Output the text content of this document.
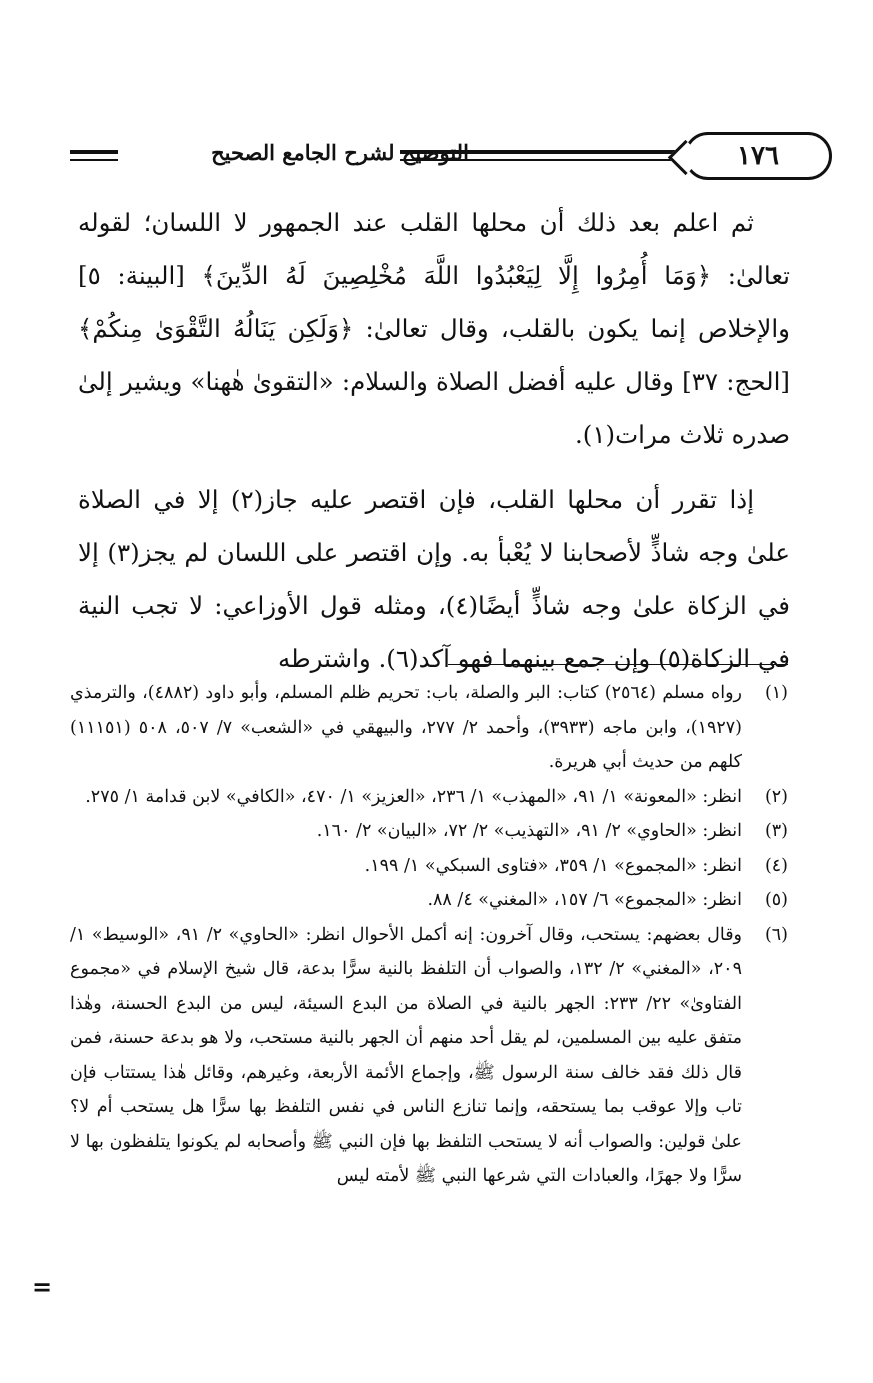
التوضيح لشرح الجامع الصحيح	١٧٦

ثم اعلم بعد ذلك أن محلها القلب عند الجمهور لا اللسان؛ لقوله تعالىٰ: ﴿وَمَا أُمِرُوا إِلَّا لِيَعْبُدُوا اللَّهَ مُخْلِصِينَ لَهُ الدِّينَ﴾ [البينة: ٥] والإخلاص إنما يكون بالقلب، وقال تعالىٰ: ﴿وَلَكِن يَنَالُهُ التَّقْوَىٰ مِنكُمْ﴾ [الحج: ٣٧] وقال عليه أفضل الصلاة والسلام: «التقوىٰ هٰهنا» ويشير إلىٰ صدره ثلاث مرات(١).

إذا تقرر أن محلها القلب، فإن اقتصر عليه جاز(٢) إلا في الصلاة علىٰ وجه شاذٍّ لأصحابنا لا يُعْبأ به. وإن اقتصر على اللسان لم يجز(٣) إلا في الزكاة علىٰ وجه شاذٍّ أيضًا(٤)، ومثله قول الأوزاعي: لا تجب النية في الزكاة(٥) وإن جمع بينهما فهو آكد(٦). واشترطه

(١)
رواه مسلم (٢٥٦٤) كتاب: البر والصلة، باب: تحريم ظلم المسلم، وأبو داود (٤٨٨٢)، والترمذي (١٩٢٧)، وابن ماجه (٣٩٣٣)، وأحمد ٢/ ٢٧٧، والبيهقي في «الشعب» ٧/ ٥٠٧، ٥٠٨ (١١١٥١) كلهم من حديث أبي هريرة.
(٢)
انظر: «المعونة» ١/ ٩١، «المهذب» ١/ ٢٣٦، «العزيز» ١/ ٤٧٠، «الكافي» لابن قدامة ١/ ٢٧٥.
(٣)
انظر: «الحاوي» ٢/ ٩١، «التهذيب» ٢/ ٧٢، «البيان» ٢/ ١٦٠.
(٤)
انظر: «المجموع» ١/ ٣٥٩، «فتاوى السبكي» ١/ ١٩٩.
(٥)
انظر: «المجموع» ٦/ ١٥٧، «المغني» ٤/ ٨٨.
(٦)
وقال بعضهم: يستحب، وقال آخرون: إنه أكمل الأحوال انظر: «الحاوي» ٢/ ٩١، «الوسيط» ١/ ٢٠٩، «المغني» ٢/ ١٣٢، والصواب أن التلفظ بالنية سرًّا بدعة، قال شيخ الإسلام في «مجموع الفتاوىٰ» ٢٢/ ٢٣٣: الجهر بالنية في الصلاة من البدع السيئة، ليس من البدع الحسنة، وهٰذا متفق عليه بين المسلمين، لم يقل أحد منهم أن الجهر بالنية مستحب، ولا هو بدعة حسنة، فمن قال ذلك فقد خالف سنة الرسول ﷺ، وإجماع الأئمة الأربعة، وغيرهم، وقائل هٰذا يستتاب فإن تاب وإلا عوقب بما يستحقه، وإنما تنازع الناس في نفس التلفظ بها سرًّا هل يستحب أم لا؟ علىٰ قولين: والصواب أنه لا يستحب التلفظ بها فإن النبي ﷺ وأصحابه لم يكونوا يتلفظون بها لا سرًّا ولا جهرًا، والعبادات التي شرعها النبي ﷺ لأمته ليس
=
